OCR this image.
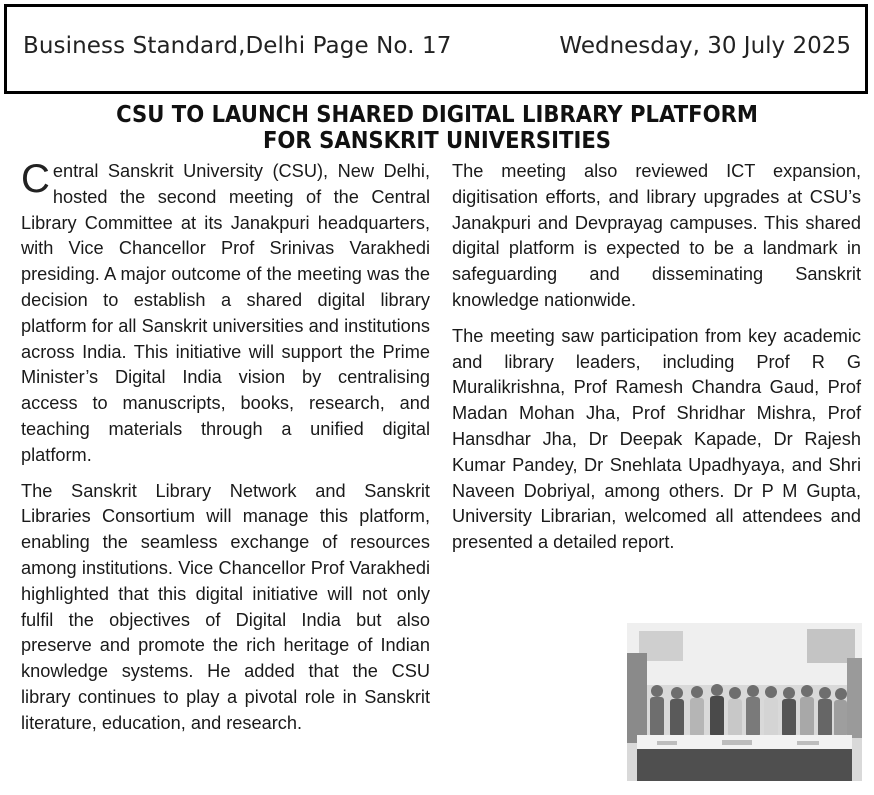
Business Standard,Delhi Page No. 17	Wednesday, 30 July 2025
CSU TO LAUNCH SHARED DIGITAL LIBRARY PLATFORM
FOR SANSKRIT UNIVERSITIES

Central Sanskrit University (CSU), New Delhi, hosted the second meeting of the Central Library Committee at its Janakpuri headquarters, with Vice Chancellor Prof Srinivas Varakhedi presiding. A major outcome of the meeting was the decision to establish a shared digital library platform for all Sanskrit universities and institutions across India. This initiative will support the Prime Minister’s Digital India vision by centralising access to manuscripts, books, research, and teaching materials through a unified digital platform.

The Sanskrit Library Network and Sanskrit Libraries Consortium will manage this platform, enabling the seamless exchange of resources among institutions. Vice Chancellor Prof Varakhedi highlighted that this digital initiative will not only fulfil the objectives of Digital India but also preserve and promote the rich heritage of Indian knowledge systems. He added that the CSU library continues to play a pivotal role in Sanskrit literature, education, and research.

The meeting also reviewed ICT expansion, digitisation efforts, and library upgrades at CSU’s Janakpuri and Devprayag campuses. This shared digital platform is expected to be a landmark in safeguarding and disseminating Sanskrit knowledge nationwide.

The meeting saw participation from key academic and library leaders, including Prof R G Muralikrishna, Prof Ramesh Chandra Gaud, Prof Madan Mohan Jha, Prof Shridhar Mishra, Prof Hansdhar Jha, Dr Deepak Kapade, Dr Rajesh Kumar Pandey, Dr Snehlata Upadhyaya, and Shri Naveen Dobriyal, among others. Dr P M Gupta, University Librarian, welcomed all attendees and presented a detailed report.
